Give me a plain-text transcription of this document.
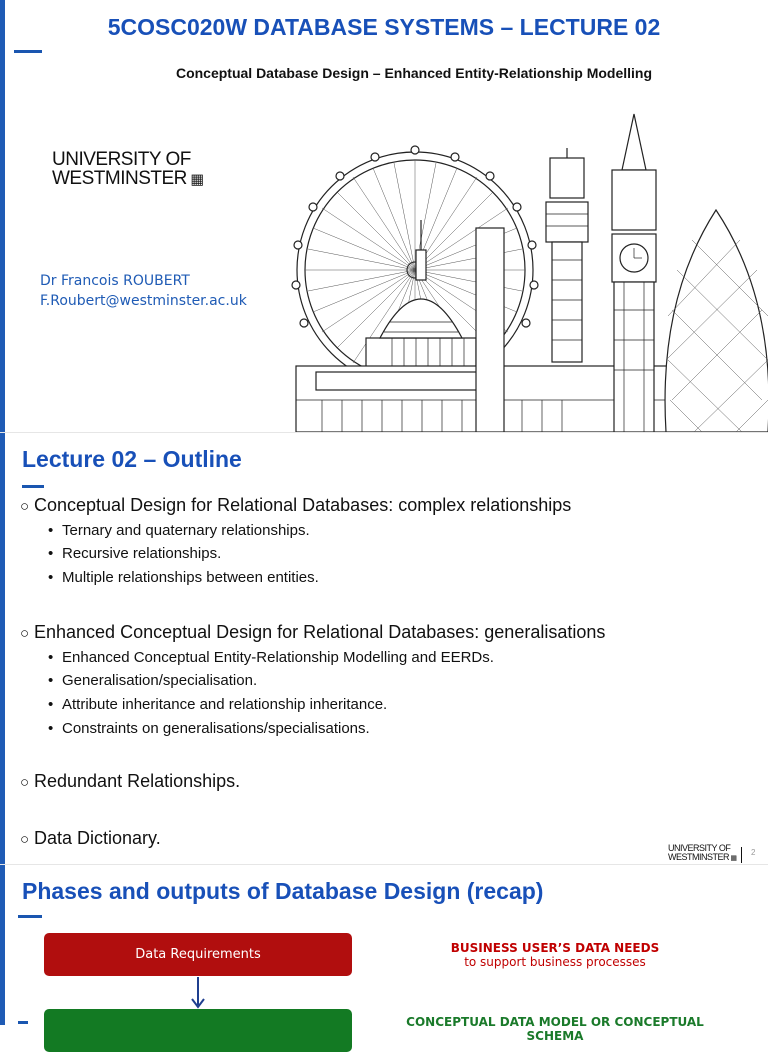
5COSC020W DATABASE SYSTEMS – LECTURE 02
Conceptual Database Design – Enhanced Entity-Relationship Modelling
UNIVERSITY OF
WESTMINSTER ▦
Dr Francois ROUBERT
F.Roubert@westminster.ac.uk
Lecture 02 – Outline
○ Conceptual Design for Relational Databases: complex relationships
• Ternary and quaternary relationships.
• Recursive relationships.
• Multiple relationships between entities.
○ Enhanced Conceptual Design for Relational Databases: generalisations
• Enhanced Conceptual Entity-Relationship Modelling and EERDs.
• Generalisation/specialisation.
• Attribute inheritance and relationship inheritance.
• Constraints on generalisations/specialisations.
○ Redundant Relationships.
○ Data Dictionary.	UNIVERSITY OF
WESTMINSTER ▦
2
Phases and outputs of Database Design (recap)
Data Requirements	BUSINESS USER’S DATA NEEDS
to support business processes
CONCEPTUAL DATA MODEL OR CONCEPTUAL SCHEMA
